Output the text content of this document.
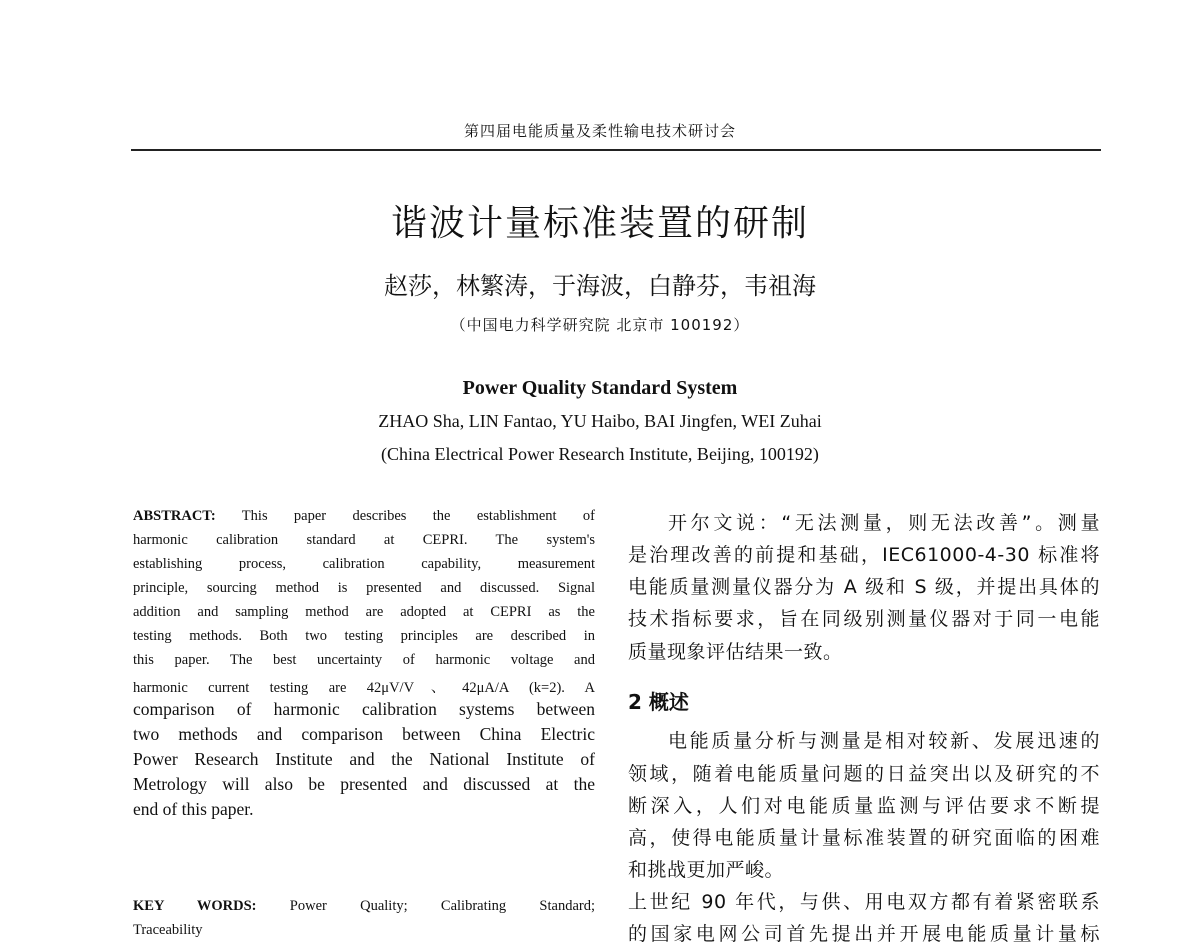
第四届电能质量及柔性输电技术研讨会
谐波计量标准装置的研制
赵莎，林繁涛，于海波，白静芬，韦祖海
（中国电力科学研究院 北京市 100192）
Power Quality Standard System
ZHAO Sha, LIN Fantao, YU Haibo, BAI Jingfen, WEI Zuhai
(China Electrical Power Research Institute, Beijing, 100192)
ABSTRACT: This paper describes the establishment of
harmonic calibration standard at CEPRI. The system's
establishing process, calibration capability, measurement
principle, sourcing method is presented and discussed. Signal
addition and sampling method are adopted at CEPRI as the
testing methods. Both two testing principles are described in
this paper. The best uncertainty of harmonic voltage and
harmonic current testing are 42μV/V、42μA/A (k=2). A
comparison of harmonic calibration systems between
two methods and comparison between China Electric
Power Research Institute and the National Institute of
Metrology will also be presented and discussed at the
end of this paper.
KEY WORDS: Power Quality; Calibrating Standard;
Traceability
开尔文说：“无法测量，则无法改善”。测量
是治理改善的前提和基础，IEC61000-4-30 标准将
电能质量测量仪器分为 A 级和 S 级，并提出具体的
技术指标要求，旨在同级别测量仪器对于同一电能
质量现象评估结果一致。
2 概述
电能质量分析与测量是相对较新、发展迅速的
领域，随着电能质量问题的日益突出以及研究的不
断深入，人们对电能质量监测与评估要求不断提
高，使得电能质量计量标准装置的研究面临的困难
和挑战更加严峻。
上世纪 90 年代，与供、用电双方都有着紧密联系
的国家电网公司首先提出并开展电能质量计量标
